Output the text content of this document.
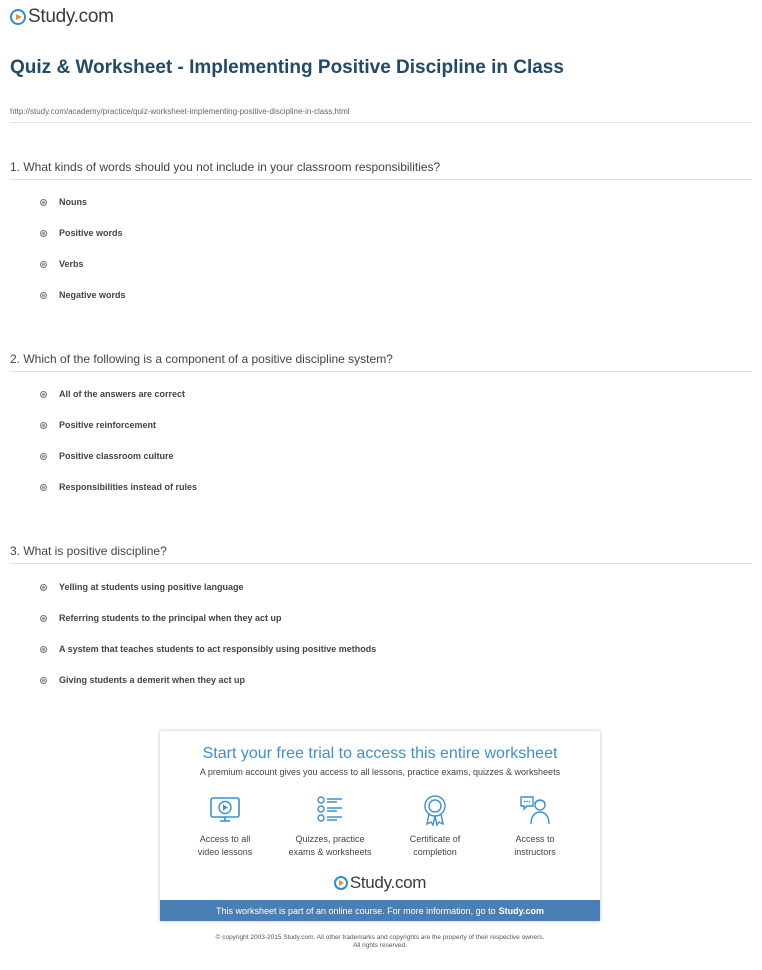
Study.com
Quiz & Worksheet - Implementing Positive Discipline in Class
http://study.com/academy/practice/quiz-worksheet-implementing-positive-discipline-in-class.html
1. What kinds of words should you not include in your classroom responsibilities?
Nouns
Positive words
Verbs
Negative words
2. Which of the following is a component of a positive discipline system?
All of the answers are correct
Positive reinforcement
Positive classroom culture
Responsibilities instead of rules
3. What is positive discipline?
Yelling at students using positive language
Referring students to the principal when they act up
A system that teaches students to act responsibly using positive methods
Giving students a demerit when they act up
Start your free trial to access this entire worksheet
A premium account gives you access to all lessons, practice exams, quizzes & worksheets
Access to all
video lessons
Quizzes, practice
exams & worksheets
Certificate of
completion
Access to
instructors
Study.com
This worksheet is part of an online course. For more information, go to Study.com
© copyright 2003-2015 Study.com. All other trademarks and copyrights are the property of their respective owners.
All rights reserved.
